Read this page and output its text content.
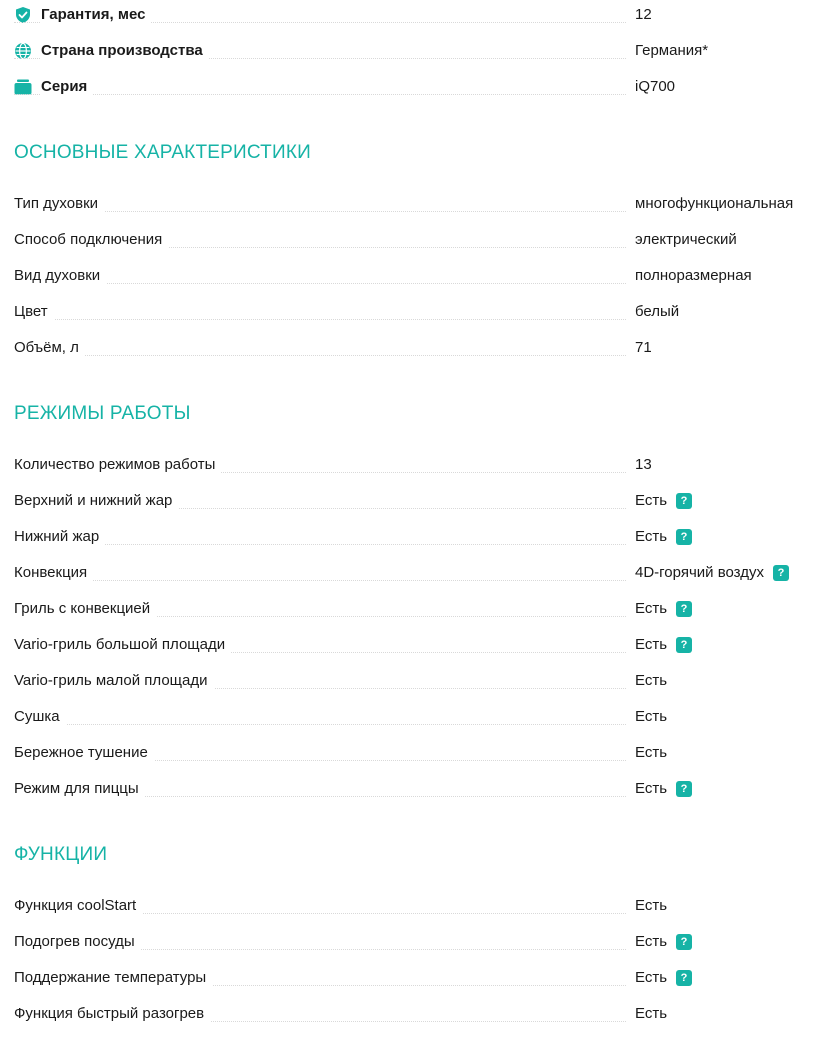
Гарантия, мес	12
Страна производства	Германия*
Серия	iQ700
ОСНОВНЫЕ ХАРАКТЕРИСТИКИ
Тип духовки	многофункциональная
Способ подключения	электрический
Вид духовки	полноразмерная
Цвет	белый
Объём, л	71
РЕЖИМЫ РАБОТЫ
Количество режимов работы	13
Верхний и нижний жар	Есть	?
Нижний жар	Есть	?
Конвекция	4D-горячий воздух	?
Гриль с конвекцией	Есть	?
Vario-гриль большой площади	Есть	?
Vario-гриль малой площади	Есть
Сушка	Есть
Бережное тушение	Есть
Режим для пиццы	Есть	?
ФУНКЦИИ
Функция coolStart	Есть
Подогрев посуды	Есть	?
Поддержание температуры	Есть	?
Функция быстрый разогрев	Есть
